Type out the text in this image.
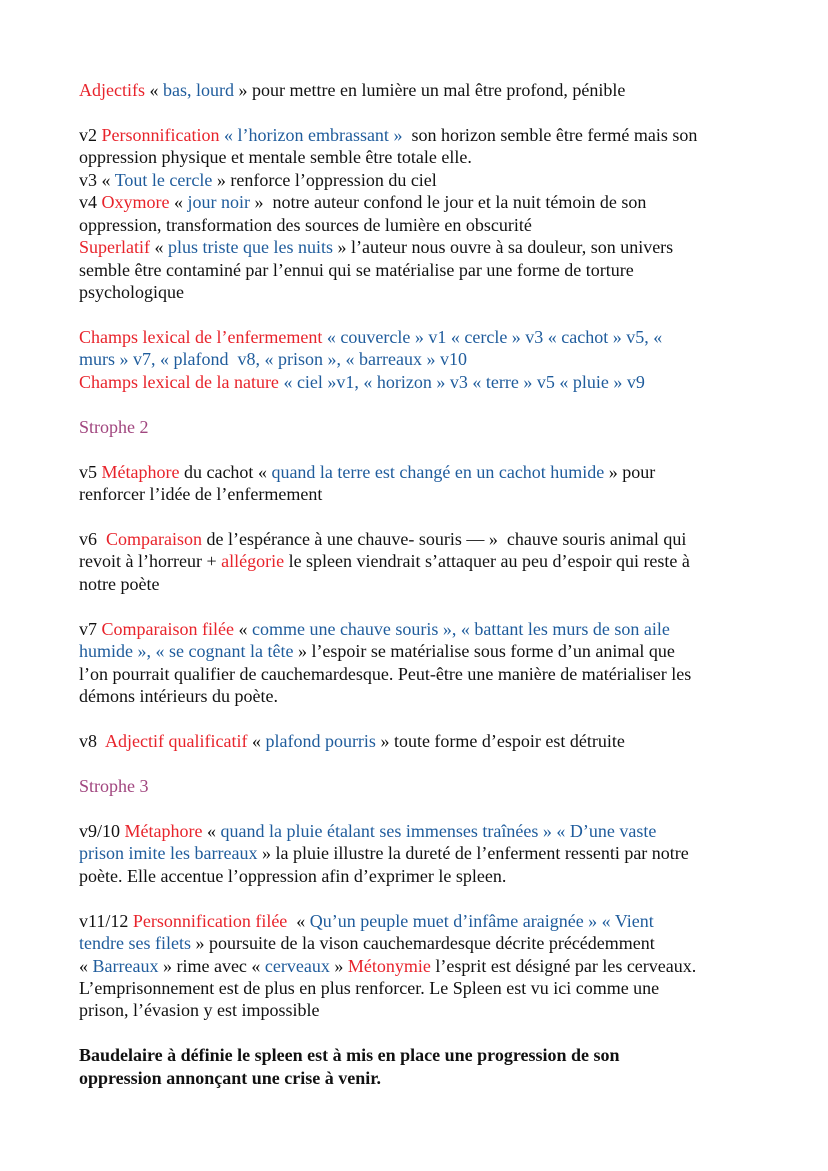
Adjectifs « bas, lourd » pour mettre en lumière un mal être profond, pénible
v2 Personnification « l’horizon embrassant »  son horizon semble être fermé mais son
oppression physique et mentale semble être totale elle.
v3 « Tout le cercle » renforce l’oppression du ciel
v4 Oxymore « jour noir »  notre auteur confond le jour et la nuit témoin de son
oppression, transformation des sources de lumière en obscurité
Superlatif « plus triste que les nuits » l’auteur nous ouvre à sa douleur, son univers
semble être contaminé par l’ennui qui se matérialise par une forme de torture
psychologique
Champs lexical de l’enfermement « couvercle » v1 « cercle » v3 « cachot » v5, «
murs » v7, « plafond  v8, « prison », « barreaux » v10
Champs lexical de la nature « ciel »v1, « horizon » v3 « terre » v5 « pluie » v9
Strophe 2
v5 Métaphore du cachot « quand la terre est changé en un cachot humide » pour
renforcer l’idée de l’enfermement
v6  Comparaison de l’espérance à une chauve- souris — »  chauve souris animal qui
revoit à l’horreur + allégorie le spleen viendrait s’attaquer au peu d’espoir qui reste à
notre poète
v7 Comparaison filée « comme une chauve souris », « battant les murs de son aile
humide », « se cognant la tête » l’espoir se matérialise sous forme d’un animal que
l’on pourrait qualifier de cauchemardesque. Peut-être une manière de matérialiser les
démons intérieurs du poète.
v8  Adjectif qualificatif « plafond pourris » toute forme d’espoir est détruite
Strophe 3
v9/10 Métaphore « quand la pluie étalant ses immenses traînées » « D’une vaste
prison imite les barreaux » la pluie illustre la dureté de l’enferment ressenti par notre
poète. Elle accentue l’oppression afin d’exprimer le spleen.
v11/12 Personnification filée  « Qu’un peuple muet d’infâme araignée » « Vient
tendre ses filets » poursuite de la vison cauchemardesque décrite précédemment
« Barreaux » rime avec « cerveaux » Métonymie l’esprit est désigné par les cerveaux.
L’emprisonnement est de plus en plus renforcer. Le Spleen est vu ici comme une
prison, l’évasion y est impossible
Baudelaire à définie le spleen est à mis en place une progression de son
oppression annonçant une crise à venir.
